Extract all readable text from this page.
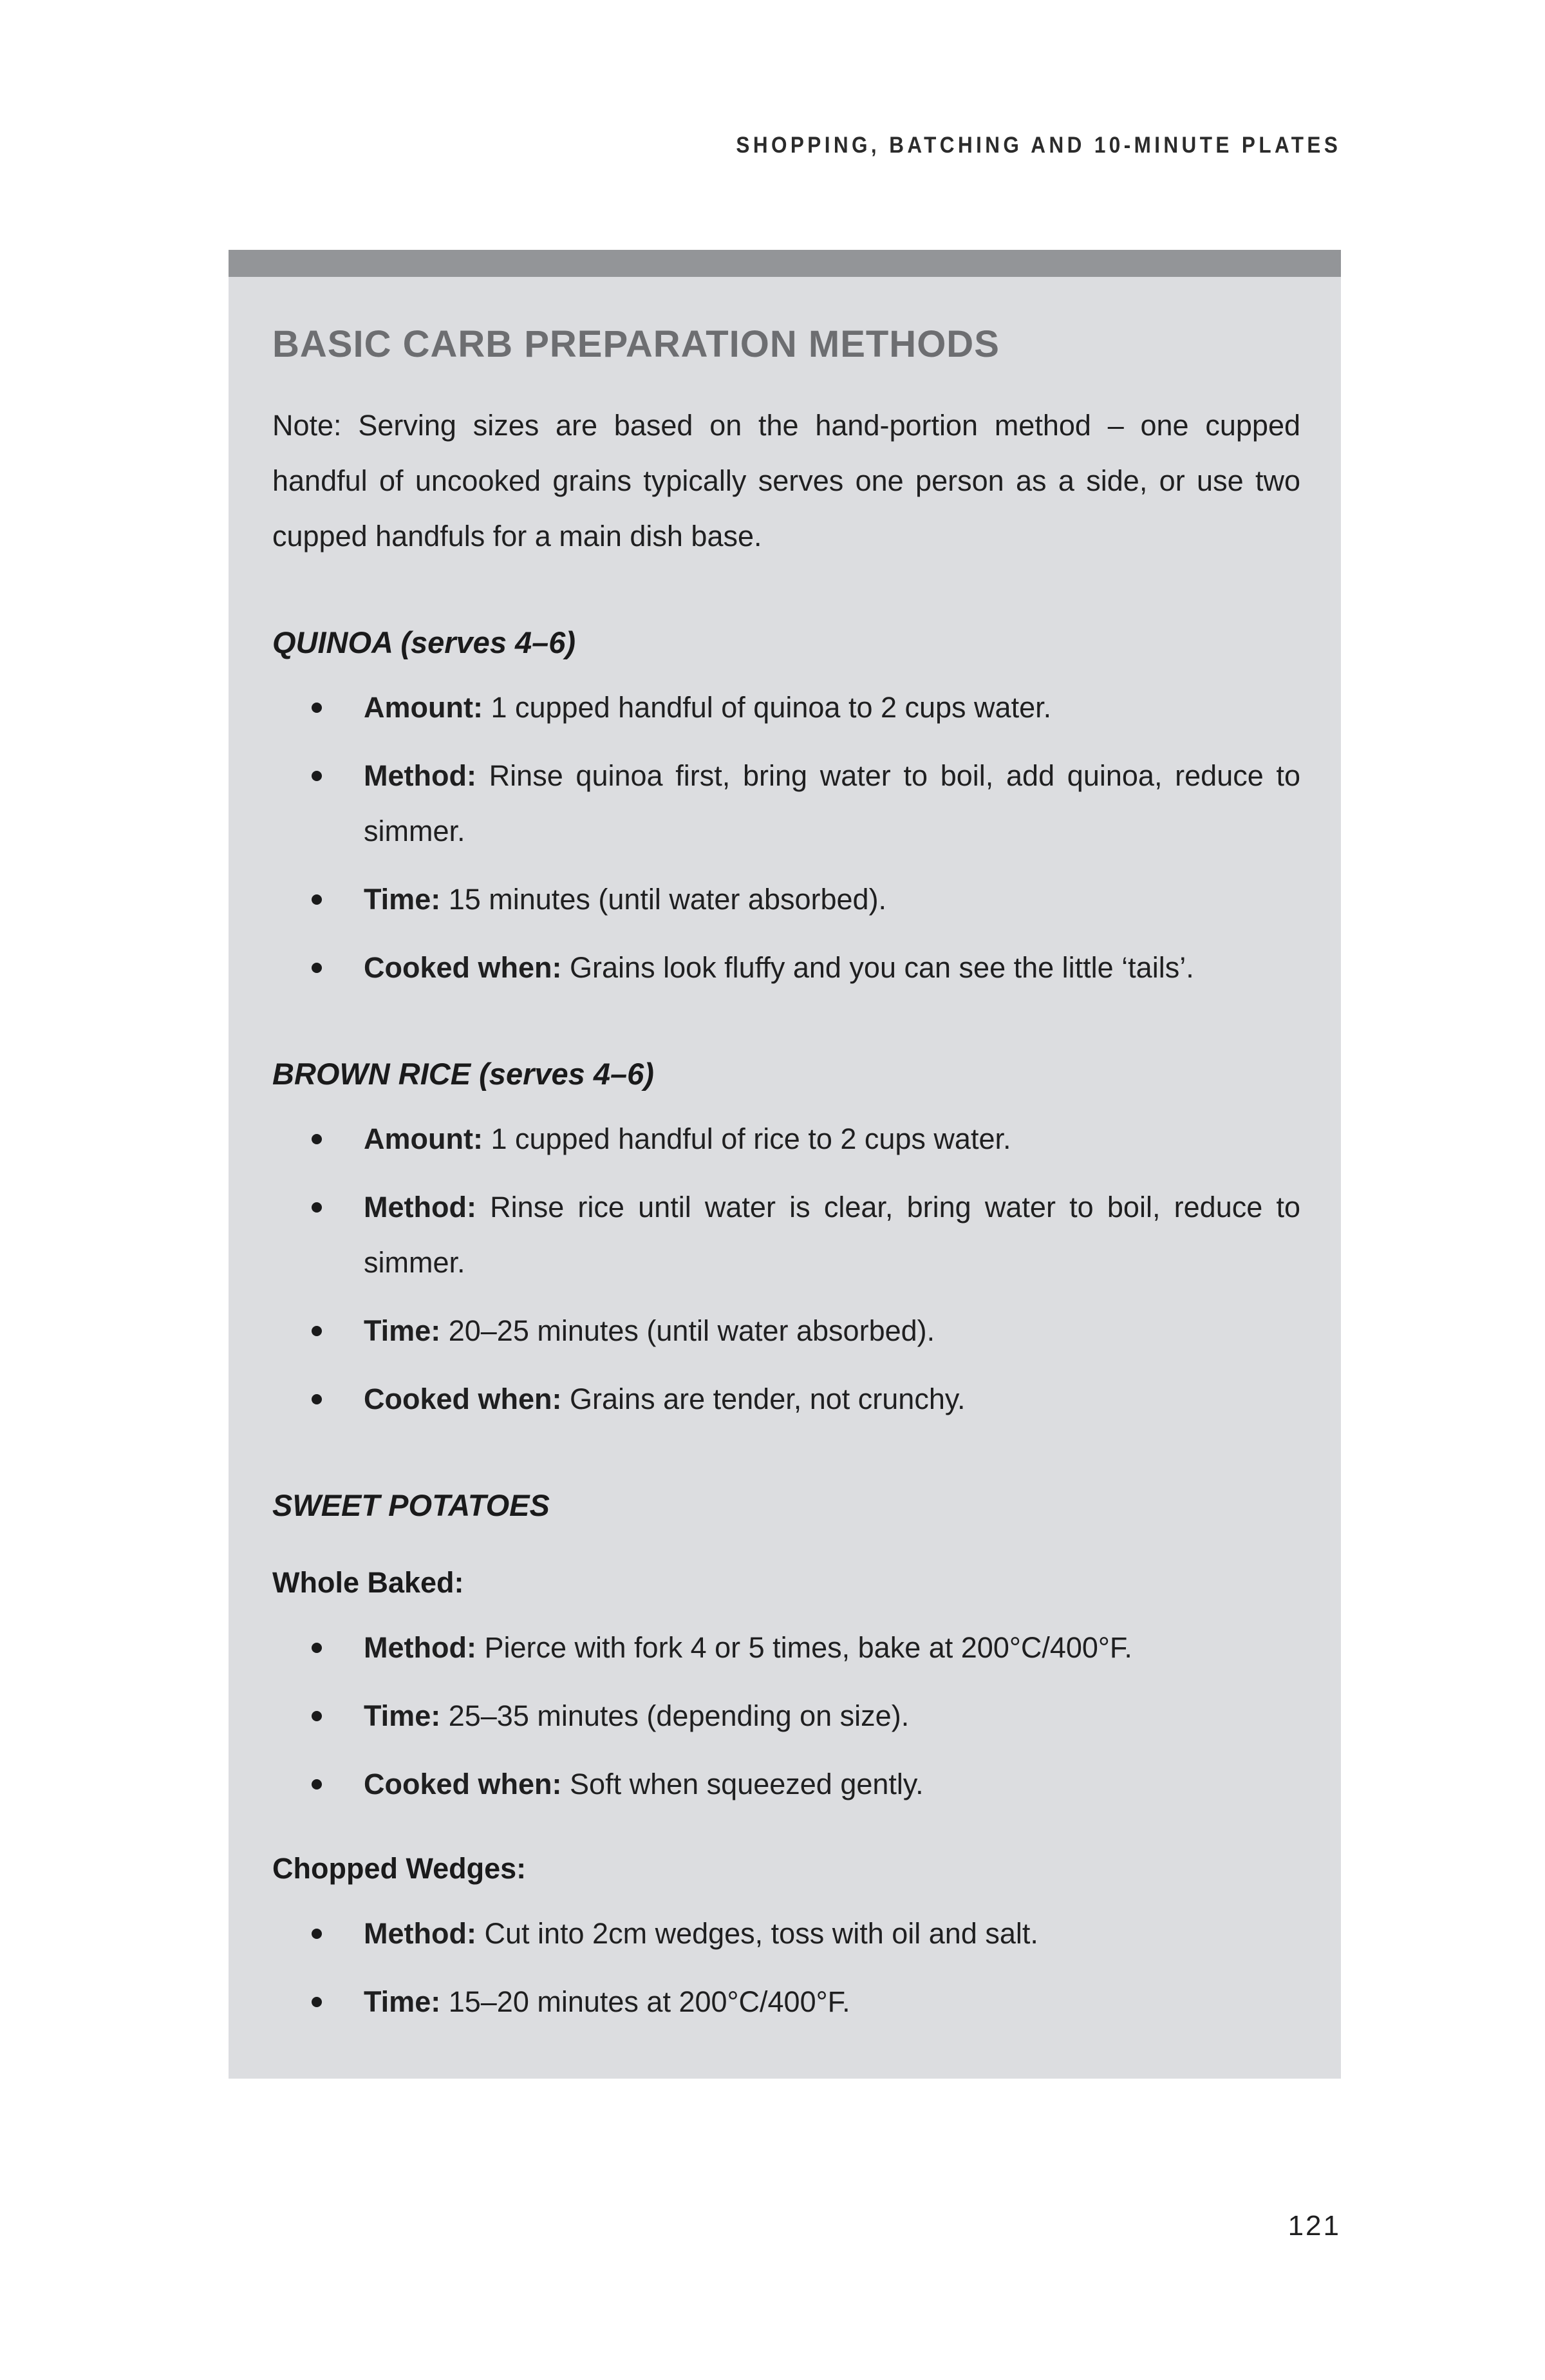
SHOPPING, BATCHING AND 10-MINUTE PLATES
BASIC CARB PREPARATION METHODS

Note: Serving sizes are based on the hand-portion method – one cupped handful of uncooked grains typically serves one person as a side, or use two cupped handfuls for a main dish base.

QUINOA (serves 4–6)
Amount: 1 cupped handful of quinoa to 2 cups water.
Method: Rinse quinoa first, bring water to boil, add quinoa, reduce to simmer.
Time: 15 minutes (until water absorbed).
Cooked when: Grains look fluffy and you can see the little ‘tails’.
BROWN RICE (serves 4–6)
Amount: 1 cupped handful of rice to 2 cups water.
Method: Rinse rice until water is clear, bring water to boil, reduce to simmer.
Time: 20–25 minutes (until water absorbed).
Cooked when: Grains are tender, not crunchy.
SWEET POTATOES
Whole Baked:
Method: Pierce with fork 4 or 5 times, bake at 200°C/400°F.
Time: 25–35 minutes (depending on size).
Cooked when: Soft when squeezed gently.
Chopped Wedges:
Method: Cut into 2cm wedges, toss with oil and salt.
Time: 15–20 minutes at 200°C/400°F.
121
